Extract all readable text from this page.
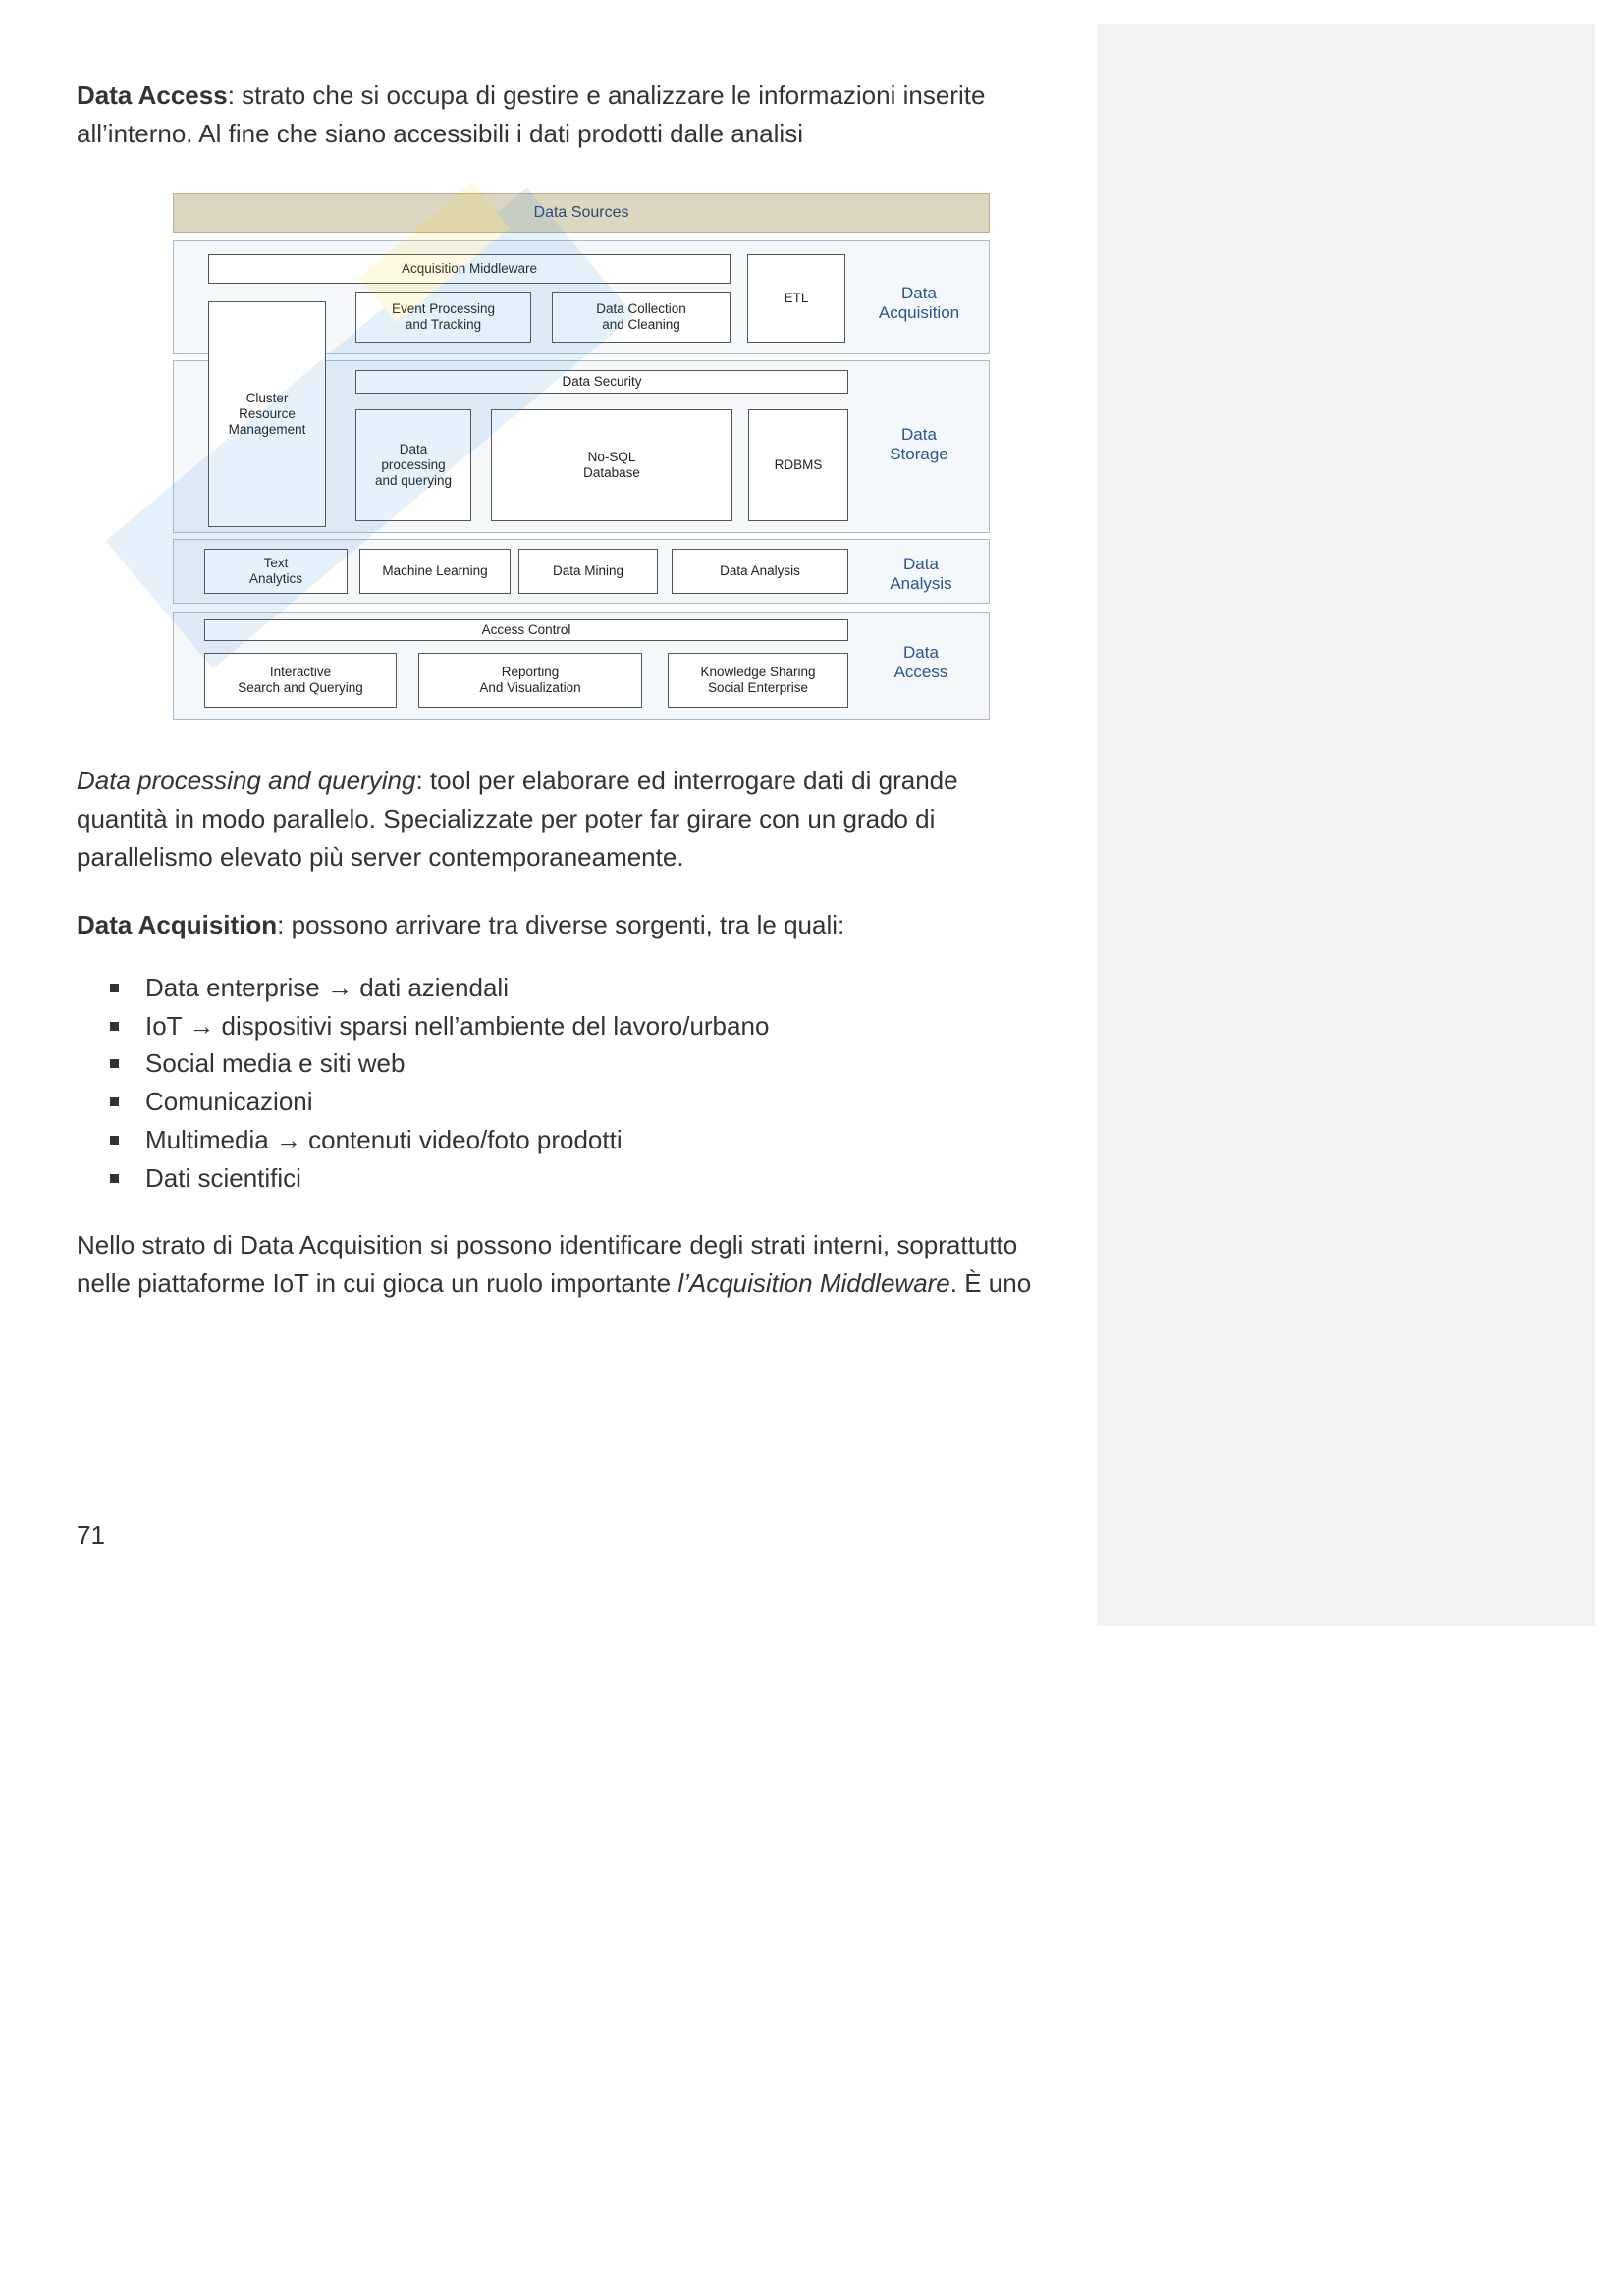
Data Access: strato che si occupa di gestire e analizzare le informazioni inserite
all’interno. Al fine che siano accessibili i dati prodotti dalle analisi
Data processing and querying: tool per elaborare ed interrogare dati di grande
quantità in modo parallelo. Specializzate per poter far girare con un grado di
parallelismo elevato più server contemporaneamente.
Data Acquisition: possono arrivare tra diverse sorgenti, tra le quali:
Data enterprise → dati aziendali
IoT → dispositivi sparsi nell’ambiente del lavoro/urbano
Social media e siti web
Comunicazioni
Multimedia → contenuti video/foto prodotti
Dati scientifici
Nello strato di Data Acquisition si possono identificare degli strati interni, soprattutto
nelle piattaforme IoT in cui gioca un ruolo importante l’Acquisition Middleware. È uno
Data Sources
Acquisition Middleware
Event Processing
and Tracking
Data Collection
and Cleaning
ETL	Data
Acquisition
Cluster
Resource
Management
Data Security
Data
processing
and querying
No-SQL
Database
RDBMS
Data
Storage
Text
Analytics
Machine Learning	Data Mining	Data Analysis	Data
Analysis
Access Control
Interactive
Search and Querying
Reporting
And Visualization
Knowledge Sharing
Social Enterprise
Data
Access
71
